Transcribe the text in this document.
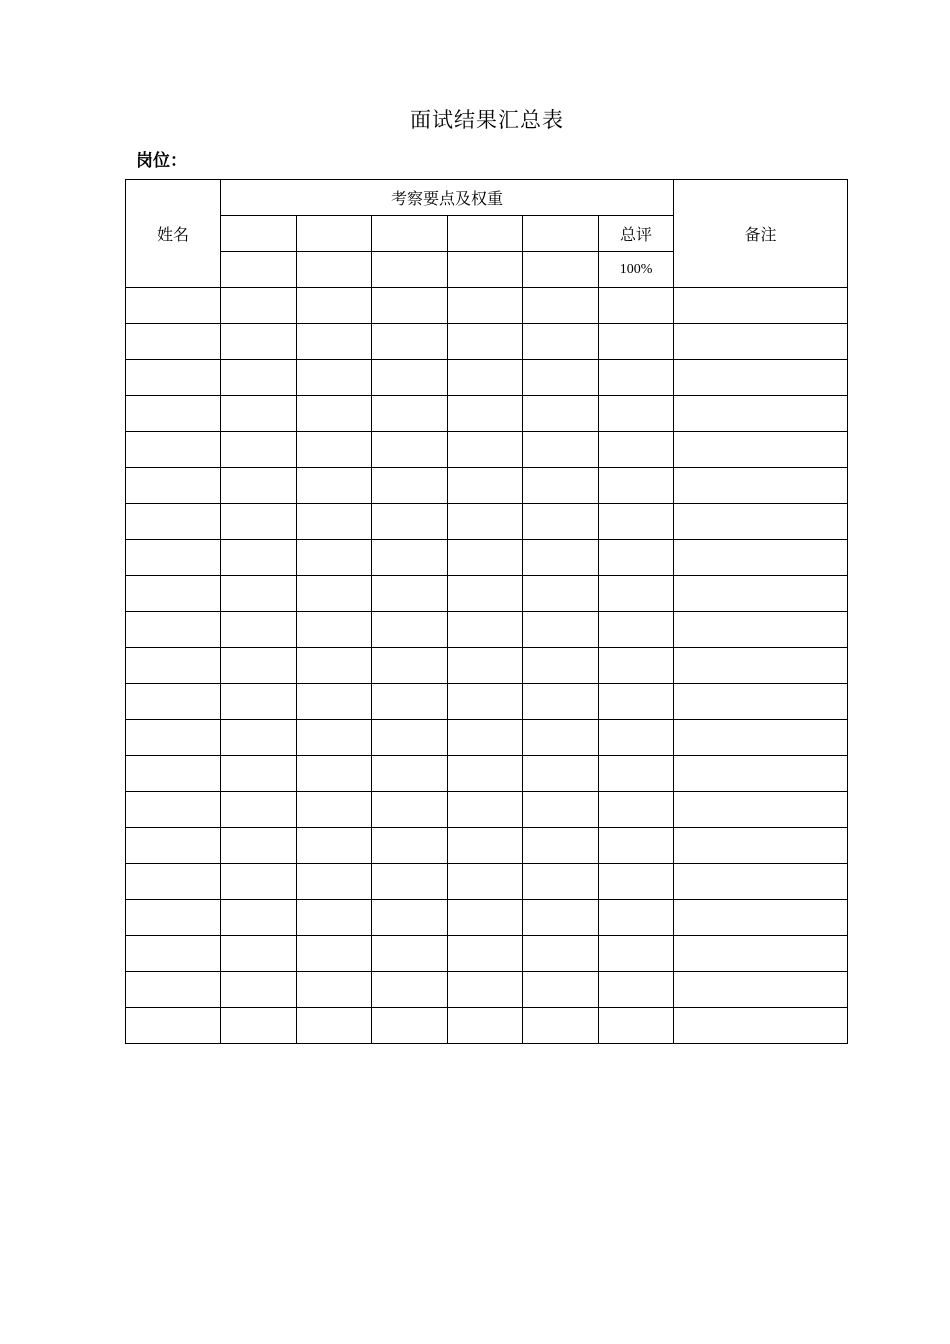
面试结果汇总表
岗位：
姓名	考察要点及权重						备注
						总评	
						100%	
